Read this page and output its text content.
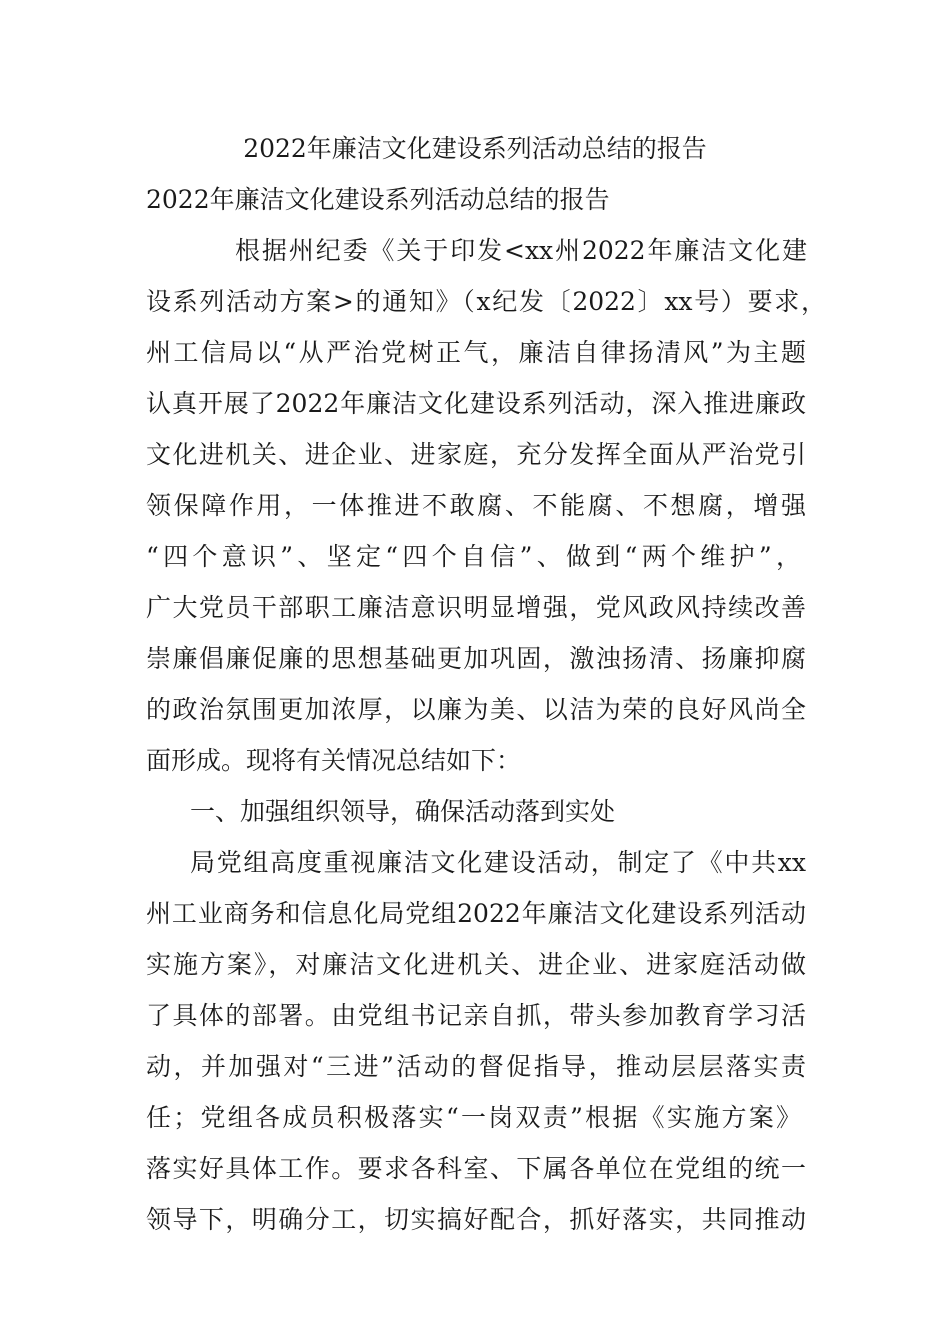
2022年廉洁文化建设系列活动总结的报告
2022年廉洁文化建设系列活动总结的报告
根据州纪委《关于印发<xx州2022年廉洁文化建
设系列活动方案>的通知》（x纪发〔2022〕xx号）要求，
州工信局以“从严治党树正气，廉洁自律扬清风”为主题
认真开展了2022年廉洁文化建设系列活动，深入推进廉政
文化进机关、进企业、进家庭，充分发挥全面从严治党引
领保障作用，一体推进不敢腐、不能腐、不想腐，增强
“四个意识”、坚定“四个自信”、做到“两个维护”，
广大党员干部职工廉洁意识明显增强，党风政风持续改善
崇廉倡廉促廉的思想基础更加巩固，激浊扬清、扬廉抑腐
的政治氛围更加浓厚，以廉为美、以洁为荣的良好风尚全
面形成。现将有关情况总结如下：
一、加强组织领导，确保活动落到实处
局党组高度重视廉洁文化建设活动，制定了《中共xx
州工业商务和信息化局党组2022年廉洁文化建设系列活动
实施方案》，对廉洁文化进机关、进企业、进家庭活动做
了具体的部署。由党组书记亲自抓，带头参加教育学习活
动，并加强对“三进”活动的督促指导，推动层层落实责
任；党组各成员积极落实“一岗双责”根据《实施方案》
落实好具体工作。要求各科室、下属各单位在党组的统一
领导下，明确分工，切实搞好配合，抓好落实，共同推动
